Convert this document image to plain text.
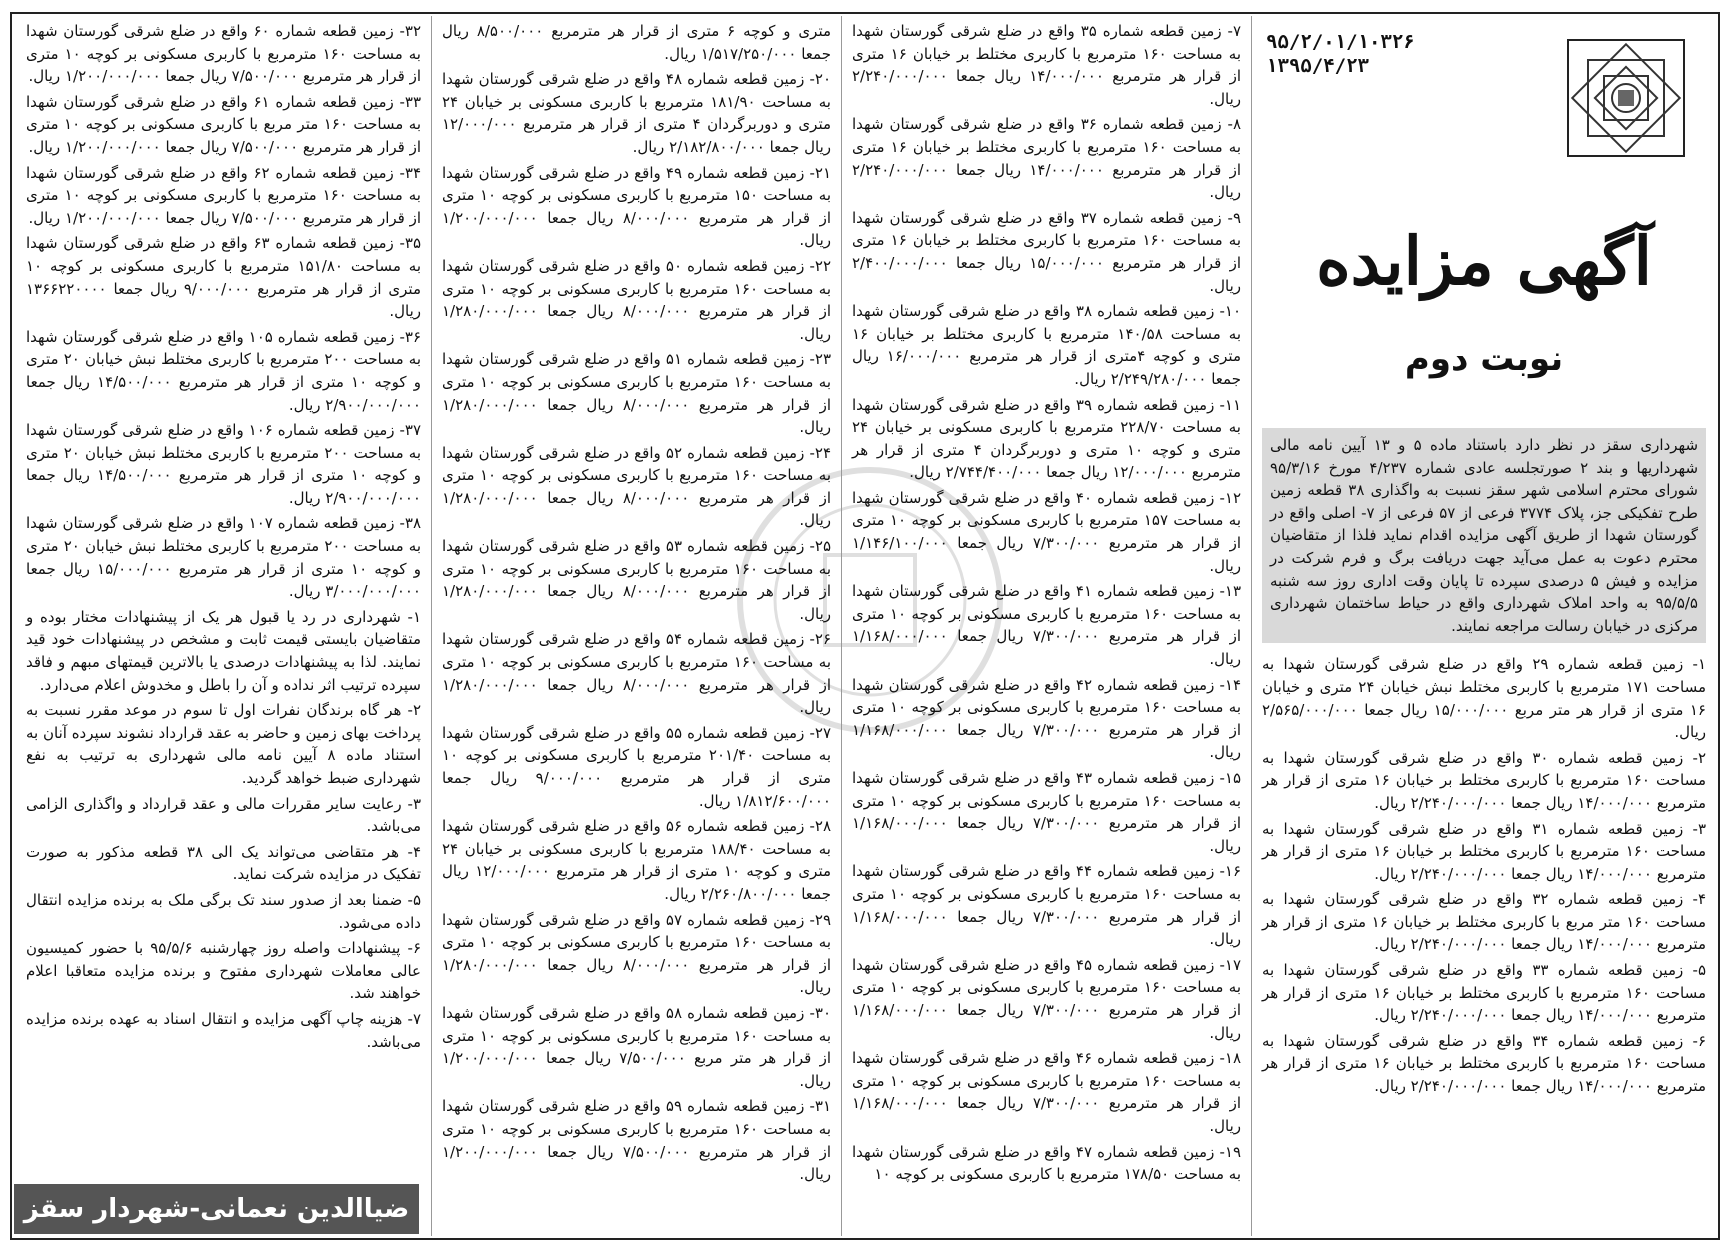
۹۵/۲/۰۱/۱۰۳۲۶
۱۳۹۵/۴/۲۳
آگهی مزایده
نوبت دوم
شهرداری سقز در نظر دارد باستناد ماده ۵ و ۱۳ آیین نامه مالی شهرداریها و بند ۲ صورتجلسه عادی شماره ۴/۲۳۷ مورخ ۹۵/۳/۱۶ شورای محترم اسلامی شهر سقز نسبت به واگذاری ۳۸ قطعه زمین طرح تفکیکی جز، پلاک ۳۷۷۴ فرعی از ۵۷ فرعی از ۷- اصلی واقع در گورستان شهدا از طریق آگهی مزایده اقدام نماید فلذا از متقاضیان محترم دعوت به عمل می‌آید جهت دریافت برگ و فرم شرکت در مزایده و فیش ۵ درصدی سپرده تا پایان وقت اداری روز سه شنبه ۹۵/۵/۵ به واحد املاک شهرداری واقع در حیاط ساختمان شهرداری مرکزی در خیابان رسالت مراجعه نمایند.
۱- زمین قطعه شماره ۲۹ واقع در ضلع شرقی گورستان شهدا به مساحت ۱۷۱ مترمربع با کاربری مختلط نبش خیابان ۲۴ متری و خیابان ۱۶ متری از قرار هر متر مربع ۱۵/۰۰۰/۰۰۰ ریال جمعا ۲/۵۶۵/۰۰۰/۰۰۰ ریال.
۲- زمین قطعه شماره ۳۰ واقع در ضلع شرقی گورستان شهدا به مساحت ۱۶۰ مترمربع با کاربری مختلط بر خیابان ۱۶ متری از قرار هر مترمربع ۱۴/۰۰۰/۰۰۰ ریال جمعا ۲/۲۴۰/۰۰۰/۰۰۰ ریال.
۳- زمین قطعه شماره ۳۱ واقع در ضلع شرقی گورستان شهدا به مساحت ۱۶۰ مترمربع با کاربری مختلط بر خیابان ۱۶ متری از قرار هر مترمربع ۱۴/۰۰۰/۰۰۰ ریال جمعا ۲/۲۴۰/۰۰۰/۰۰۰ ریال.
۴- زمین قطعه شماره ۳۲ واقع در ضلع شرقی گورستان شهدا به مساحت ۱۶۰ متر مربع با کاربری مختلط بر خیابان ۱۶ متری از قرار هر مترمربع ۱۴/۰۰۰/۰۰۰ ریال جمعا ۲/۲۴۰/۰۰۰/۰۰۰ ریال.
۵- زمین قطعه شماره ۳۳ واقع در ضلع شرقی گورستان شهدا به مساحت ۱۶۰ مترمربع با کاربری مختلط بر خیابان ۱۶ متری از قرار هر مترمربع ۱۴/۰۰۰/۰۰۰ ریال جمعا ۲/۲۴۰/۰۰۰/۰۰۰ ریال.
۶- زمین قطعه شماره ۳۴ واقع در ضلع شرقی گورستان شهدا به مساحت ۱۶۰ مترمربع با کاربری مختلط بر خیابان ۱۶ متری از قرار هر مترمربع ۱۴/۰۰۰/۰۰۰ ریال جمعا ۲/۲۴۰/۰۰۰/۰۰۰ ریال.
۷- زمین قطعه شماره ۳۵ واقع در ضلع شرقی گورستان شهدا به مساحت ۱۶۰ مترمربع با کاربری مختلط بر خیابان ۱۶ متری از قرار هر مترمربع ۱۴/۰۰۰/۰۰۰ ریال جمعا ۲/۲۴۰/۰۰۰/۰۰۰ ریال.
۸- زمین قطعه شماره ۳۶ واقع در ضلع شرقی گورستان شهدا به مساحت ۱۶۰ مترمربع با کاربری مختلط بر خیابان ۱۶ متری از قرار هر مترمربع ۱۴/۰۰۰/۰۰۰ ریال جمعا ۲/۲۴۰/۰۰۰/۰۰۰ ریال.
۹- زمین قطعه شماره ۳۷ واقع در ضلع شرقی گورستان شهدا به مساحت ۱۶۰ مترمربع با کاربری مختلط بر خیابان ۱۶ متری از قرار هر مترمربع ۱۵/۰۰۰/۰۰۰ ریال جمعا ۲/۴۰۰/۰۰۰/۰۰۰ ریال.
۱۰- زمین قطعه شماره ۳۸ واقع در ضلع شرقی گورستان شهدا به مساحت ۱۴۰/۵۸ مترمربع با کاربری مختلط بر خیابان ۱۶ متری و کوچه ۴متری از قرار هر مترمربع ۱۶/۰۰۰/۰۰۰ ریال جمعا ۲/۲۴۹/۲۸۰/۰۰۰ ریال.
۱۱- زمین قطعه شماره ۳۹ واقع در ضلع شرقی گورستان شهدا به مساحت ۲۲۸/۷۰ مترمربع با کاربری مسکونی بر خیابان ۲۴ متری و کوچه ۱۰ متری و دوربرگردان ۴ متری از قرار هر مترمربع ۱۲/۰۰۰/۰۰۰ ریال جمعا ۲/۷۴۴/۴۰۰/۰۰۰ ریال.
۱۲- زمین قطعه شماره ۴۰ واقع در ضلع شرقی گورستان شهدا به مساحت ۱۵۷ مترمربع با کاربری مسکونی بر کوچه ۱۰ متری از قرار هر مترمربع ۷/۳۰۰/۰۰۰ ریال جمعا ۱/۱۴۶/۱۰۰/۰۰۰ ریال.
۱۳- زمین قطعه شماره ۴۱ واقع در ضلع شرقی گورستان شهدا به مساحت ۱۶۰ مترمربع با کاربری مسکونی بر کوچه ۱۰ متری از قرار هر مترمربع ۷/۳۰۰/۰۰۰ ریال جمعا ۱/۱۶۸/۰۰۰/۰۰۰ ریال.
۱۴- زمین قطعه شماره ۴۲ واقع در ضلع شرقی گورستان شهدا به مساحت ۱۶۰ مترمربع با کاربری مسکونی بر کوچه ۱۰ متری از قرار هر مترمربع ۷/۳۰۰/۰۰۰ ریال جمعا ۱/۱۶۸/۰۰۰/۰۰۰ ریال.
۱۵- زمین قطعه شماره ۴۳ واقع در ضلع شرقی گورستان شهدا به مساحت ۱۶۰ مترمربع با کاربری مسکونی بر کوچه ۱۰ متری از قرار هر مترمربع ۷/۳۰۰/۰۰۰ ریال جمعا ۱/۱۶۸/۰۰۰/۰۰۰ ریال.
۱۶- زمین قطعه شماره ۴۴ واقع در ضلع شرقی گورستان شهدا به مساحت ۱۶۰ مترمربع با کاربری مسکونی بر کوچه ۱۰ متری از قرار هر مترمربع ۷/۳۰۰/۰۰۰ ریال جمعا ۱/۱۶۸/۰۰۰/۰۰۰ ریال.
۱۷- زمین قطعه شماره ۴۵ واقع در ضلع شرقی گورستان شهدا به مساحت ۱۶۰ مترمربع با کاربری مسکونی بر کوچه ۱۰ متری از قرار هر مترمربع ۷/۳۰۰/۰۰۰ ریال جمعا ۱/۱۶۸/۰۰۰/۰۰۰ ریال.
۱۸- زمین قطعه شماره ۴۶ واقع در ضلع شرقی گورستان شهدا به مساحت ۱۶۰ مترمربع با کاربری مسکونی بر کوچه ۱۰ متری از قرار هر مترمربع ۷/۳۰۰/۰۰۰ ریال جمعا ۱/۱۶۸/۰۰۰/۰۰۰ ریال.
۱۹- زمین قطعه شماره ۴۷ واقع در ضلع شرقی گورستان شهدا به مساحت ۱۷۸/۵۰ مترمربع با کاربری مسکونی بر کوچه ۱۰
متری و کوچه ۶ متری از قرار هر مترمربع ۸/۵۰۰/۰۰۰ ریال جمعا ۱/۵۱۷/۲۵۰/۰۰۰ ریال.
۲۰- زمین قطعه شماره ۴۸ واقع در ضلع شرقی گورستان شهدا به مساحت ۱۸۱/۹۰ مترمربع با کاربری مسکونی بر خیابان ۲۴ متری و دوربرگردان ۴ متری از قرار هر مترمربع ۱۲/۰۰۰/۰۰۰ ریال جمعا ۲/۱۸۲/۸۰۰/۰۰۰ ریال.
۲۱- زمین قطعه شماره ۴۹ واقع در ضلع شرقی گورستان شهدا به مساحت ۱۵۰ مترمربع با کاربری مسکونی بر کوچه ۱۰ متری از قرار هر مترمربع ۸/۰۰۰/۰۰۰ ریال جمعا ۱/۲۰۰/۰۰۰/۰۰۰ ریال.
۲۲- زمین قطعه شماره ۵۰ واقع در ضلع شرقی گورستان شهدا به مساحت ۱۶۰ مترمربع با کاربری مسکونی بر کوچه ۱۰ متری از قرار هر مترمربع ۸/۰۰۰/۰۰۰ ریال جمعا ۱/۲۸۰/۰۰۰/۰۰۰ ریال.
۲۳- زمین قطعه شماره ۵۱ واقع در ضلع شرقی گورستان شهدا به مساحت ۱۶۰ مترمربع با کاربری مسکونی بر کوچه ۱۰ متری از قرار هر مترمربع ۸/۰۰۰/۰۰۰ ریال جمعا ۱/۲۸۰/۰۰۰/۰۰۰ ریال.
۲۴- زمین قطعه شماره ۵۲ واقع در ضلع شرقی گورستان شهدا به مساحت ۱۶۰ مترمربع با کاربری مسکونی بر کوچه ۱۰ متری از قرار هر مترمربع ۸/۰۰۰/۰۰۰ ریال جمعا ۱/۲۸۰/۰۰۰/۰۰۰ ریال.
۲۵- زمین قطعه شماره ۵۳ واقع در ضلع شرقی گورستان شهدا به مساحت ۱۶۰ مترمربع با کاربری مسکونی بر کوچه ۱۰ متری از قرار هر مترمربع ۸/۰۰۰/۰۰۰ ریال جمعا ۱/۲۸۰/۰۰۰/۰۰۰ ریال.
۲۶- زمین قطعه شماره ۵۴ واقع در ضلع شرقی گورستان شهدا به مساحت ۱۶۰ مترمربع با کاربری مسکونی بر کوچه ۱۰ متری از قرار هر مترمربع ۸/۰۰۰/۰۰۰ ریال جمعا ۱/۲۸۰/۰۰۰/۰۰۰ ریال.
۲۷- زمین قطعه شماره ۵۵ واقع در ضلع شرقی گورستان شهدا به مساحت ۲۰۱/۴۰ مترمربع با کاربری مسکونی بر کوچه ۱۰ متری از قرار هر مترمربع ۹/۰۰۰/۰۰۰ ریال جمعا ۱/۸۱۲/۶۰۰/۰۰۰ ریال.
۲۸- زمین قطعه شماره ۵۶ واقع در ضلع شرقی گورستان شهدا به مساحت ۱۸۸/۴۰ مترمربع با کاربری مسکونی بر خیابان ۲۴ متری و کوچه ۱۰ متری از قرار هر مترمربع ۱۲/۰۰۰/۰۰۰ ریال جمعا ۲/۲۶۰/۸۰۰/۰۰۰ ریال.
۲۹- زمین قطعه شماره ۵۷ واقع در ضلع شرقی گورستان شهدا به مساحت ۱۶۰ مترمربع با کاربری مسکونی بر کوچه ۱۰ متری از قرار هر مترمربع ۸/۰۰۰/۰۰۰ ریال جمعا ۱/۲۸۰/۰۰۰/۰۰۰ ریال.
۳۰- زمین قطعه شماره ۵۸ واقع در ضلع شرقی گورستان شهدا به مساحت ۱۶۰ مترمربع با کاربری مسکونی بر کوچه ۱۰ متری از قرار هر متر مربع ۷/۵۰۰/۰۰۰ ریال جمعا ۱/۲۰۰/۰۰۰/۰۰۰ ریال.
۳۱- زمین قطعه شماره ۵۹ واقع در ضلع شرقی گورستان شهدا به مساحت ۱۶۰ مترمربع با کاربری مسکونی بر کوچه ۱۰ متری از قرار هر مترمربع ۷/۵۰۰/۰۰۰ ریال جمعا ۱/۲۰۰/۰۰۰/۰۰۰ ریال.
۳۲- زمین قطعه شماره ۶۰ واقع در ضلع شرقی گورستان شهدا به مساحت ۱۶۰ مترمربع با کاربری مسکونی بر کوچه ۱۰ متری از قرار هر مترمربع ۷/۵۰۰/۰۰۰ ریال جمعا ۱/۲۰۰/۰۰۰/۰۰۰ ریال.
۳۳- زمین قطعه شماره ۶۱ واقع در ضلع شرقی گورستان شهدا به مساحت ۱۶۰ متر مربع با کاربری مسکونی بر کوچه ۱۰ متری از قرار هر مترمربع ۷/۵۰۰/۰۰۰ ریال جمعا ۱/۲۰۰/۰۰۰/۰۰۰ ریال.
۳۴- زمین قطعه شماره ۶۲ واقع در ضلع شرقی گورستان شهدا به مساحت ۱۶۰ مترمربع با کاربری مسکونی بر کوچه ۱۰ متری از قرار هر مترمربع ۷/۵۰۰/۰۰۰ ریال جمعا ۱/۲۰۰/۰۰۰/۰۰۰ ریال.
۳۵- زمین قطعه شماره ۶۳ واقع در ضلع شرقی گورستان شهدا به مساحت ۱۵۱/۸۰ مترمربع با کاربری مسکونی بر کوچه ۱۰ متری از قرار هر مترمربع ۹/۰۰۰/۰۰۰ ریال جمعا ۱۳۶۶۲۲۰۰۰۰ ریال.
۳۶- زمین قطعه شماره ۱۰۵ واقع در ضلع شرقی گورستان شهدا به مساحت ۲۰۰ مترمربع با کاربری مختلط نبش خیابان ۲۰ متری و کوچه ۱۰ متری از قرار هر مترمربع ۱۴/۵۰۰/۰۰۰ ریال جمعا ۲/۹۰۰/۰۰۰/۰۰۰ ریال.
۳۷- زمین قطعه شماره ۱۰۶ واقع در ضلع شرقی گورستان شهدا به مساحت ۲۰۰ مترمربع با کاربری مختلط نبش خیابان ۲۰ متری و کوچه ۱۰ متری از قرار هر مترمربع ۱۴/۵۰۰/۰۰۰ ریال جمعا ۲/۹۰۰/۰۰۰/۰۰۰ ریال.
۳۸- زمین قطعه شماره ۱۰۷ واقع در ضلع شرقی گورستان شهدا به مساحت ۲۰۰ مترمربع با کاربری مختلط نبش خیابان ۲۰ متری و کوچه ۱۰ متری از قرار هر مترمربع ۱۵/۰۰۰/۰۰۰ ریال جمعا ۳/۰۰۰/۰۰۰/۰۰۰ ریال.
۱- شهرداری در رد یا قبول هر یک از پیشنهادات مختار بوده و متقاضیان بایستی قیمت ثابت و مشخص در پیشنهادات خود قید نمایند. لذا به پیشنهادات درصدی یا بالاترین قیمتهای مبهم و فاقد سپرده ترتیب اثر نداده و آن را باطل و مخدوش اعلام می‌دارد.
۲- هر گاه برندگان نفرات اول تا سوم در موعد مقرر نسبت به پرداخت بهای زمین و حاضر به عقد قرارداد نشوند سپرده آنان به استناد ماده ۸ آیین نامه مالی شهرداری به ترتیب به نفع شهرداری ضبط خواهد گردید.
۳- رعایت سایر مقررات مالی و عقد قرارداد و واگذاری الزامی می‌باشد.
۴- هر متقاضی می‌تواند یک الی ۳۸ قطعه مذکور به صورت تفکیک در مزایده شرکت نماید.
۵- ضمنا بعد از صدور سند تک برگی ملک به برنده مزایده انتقال داده می‌شود.
۶- پیشنهادات واصله روز چهارشنبه ۹۵/۵/۶ با حضور کمیسیون عالی معاملات شهرداری مفتوح و برنده مزایده متعاقبا اعلام خواهند شد.
۷- هزینه چاپ آگهی مزایده و انتقال اسناد به عهده برنده مزایده می‌باشد.
ضیاالدین نعمانی-شهردار سقز
